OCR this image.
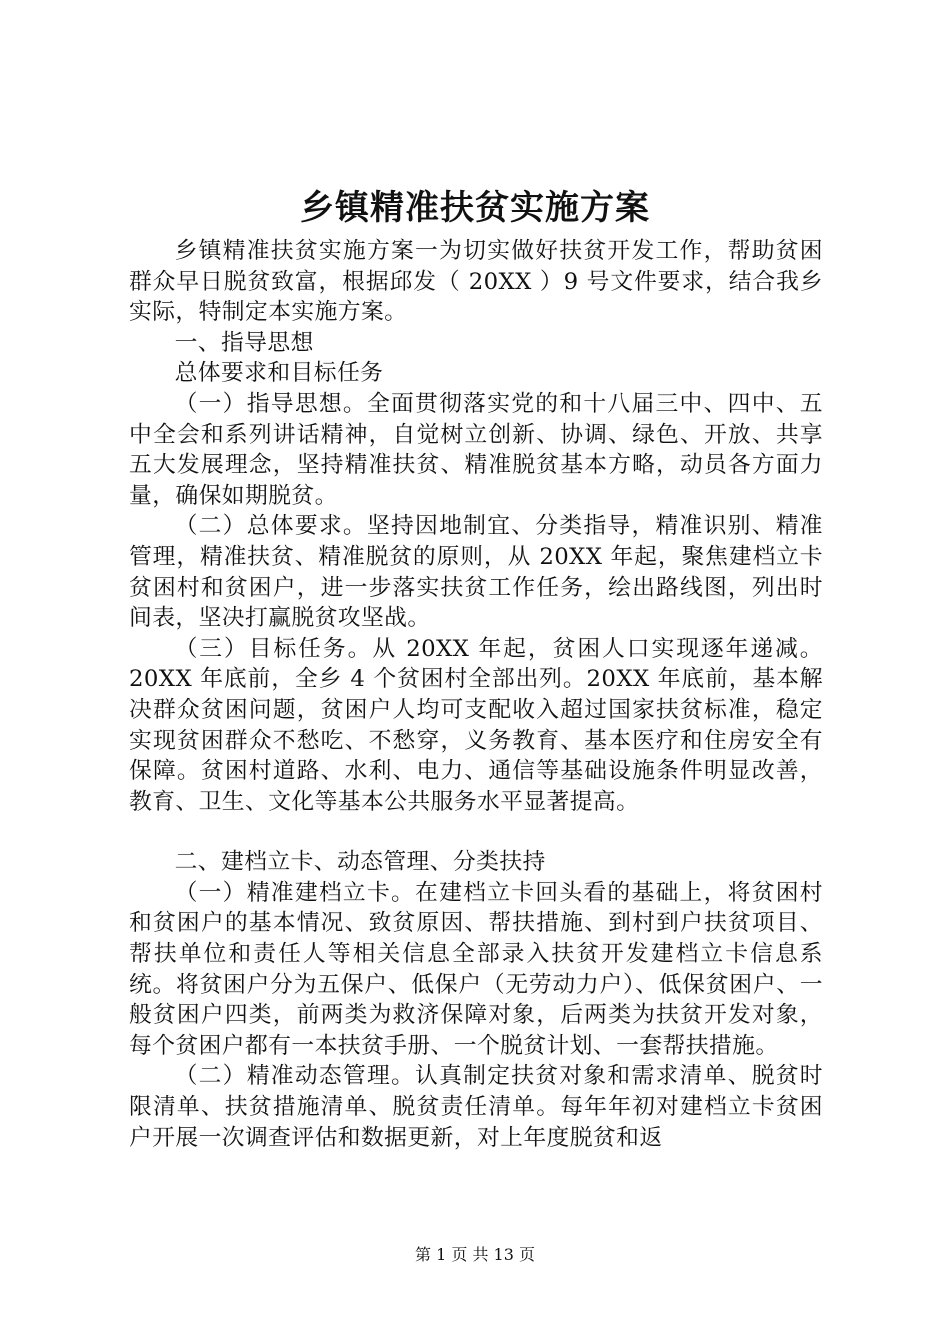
乡镇精准扶贫实施方案

乡镇精准扶贫实施方案一为切实做好扶贫开发工作，帮助贫困群众早日脱贫致富，根据邱发（ 20XX ）9 号文件要求，结合我乡实际，特制定本实施方案。

一、指导思想

总体要求和目标任务

（一）指导思想。全面贯彻落实党的和十八届三中、四中、五中全会和系列讲话精神，自觉树立创新、协调、绿色、开放、共享五大发展理念，坚持精准扶贫、精准脱贫基本方略，动员各方面力量，确保如期脱贫。

（二）总体要求。坚持因地制宜、分类指导，精准识别、精准管理，精准扶贫、精准脱贫的原则，从 20XX 年起，聚焦建档立卡贫困村和贫困户，进一步落实扶贫工作任务，绘出路线图，列出时间表，坚决打赢脱贫攻坚战。

（三）目标任务。从 20XX 年起，贫困人口实现逐年递减。20XX 年底前，全乡 4 个贫困村全部出列。20XX 年底前，基本解决群众贫困问题，贫困户人均可支配收入超过国家扶贫标准，稳定实现贫困群众不愁吃、不愁穿，义务教育、基本医疗和住房安全有保障。贫困村道路、水利、电力、通信等基础设施条件明显改善，教育、卫生、文化等基本公共服务水平显著提高。

二、建档立卡、动态管理、分类扶持

（一）精准建档立卡。在建档立卡回头看的基础上，将贫困村和贫困户的基本情况、致贫原因、帮扶措施、到村到户扶贫项目、帮扶单位和责任人等相关信息全部录入扶贫开发建档立卡信息系统。将贫困户分为五保户、低保户（无劳动力户）、低保贫困户、一般贫困户四类，前两类为救济保障对象，后两类为扶贫开发对象，每个贫困户都有一本扶贫手册、一个脱贫计划、一套帮扶措施。

（二）精准动态管理。认真制定扶贫对象和需求清单、脱贫时限清单、扶贫措施清单、脱贫责任清单。每年年初对建档立卡贫困户开展一次调查评估和数据更新，对上年度脱贫和返

第 1 页 共 13 页
